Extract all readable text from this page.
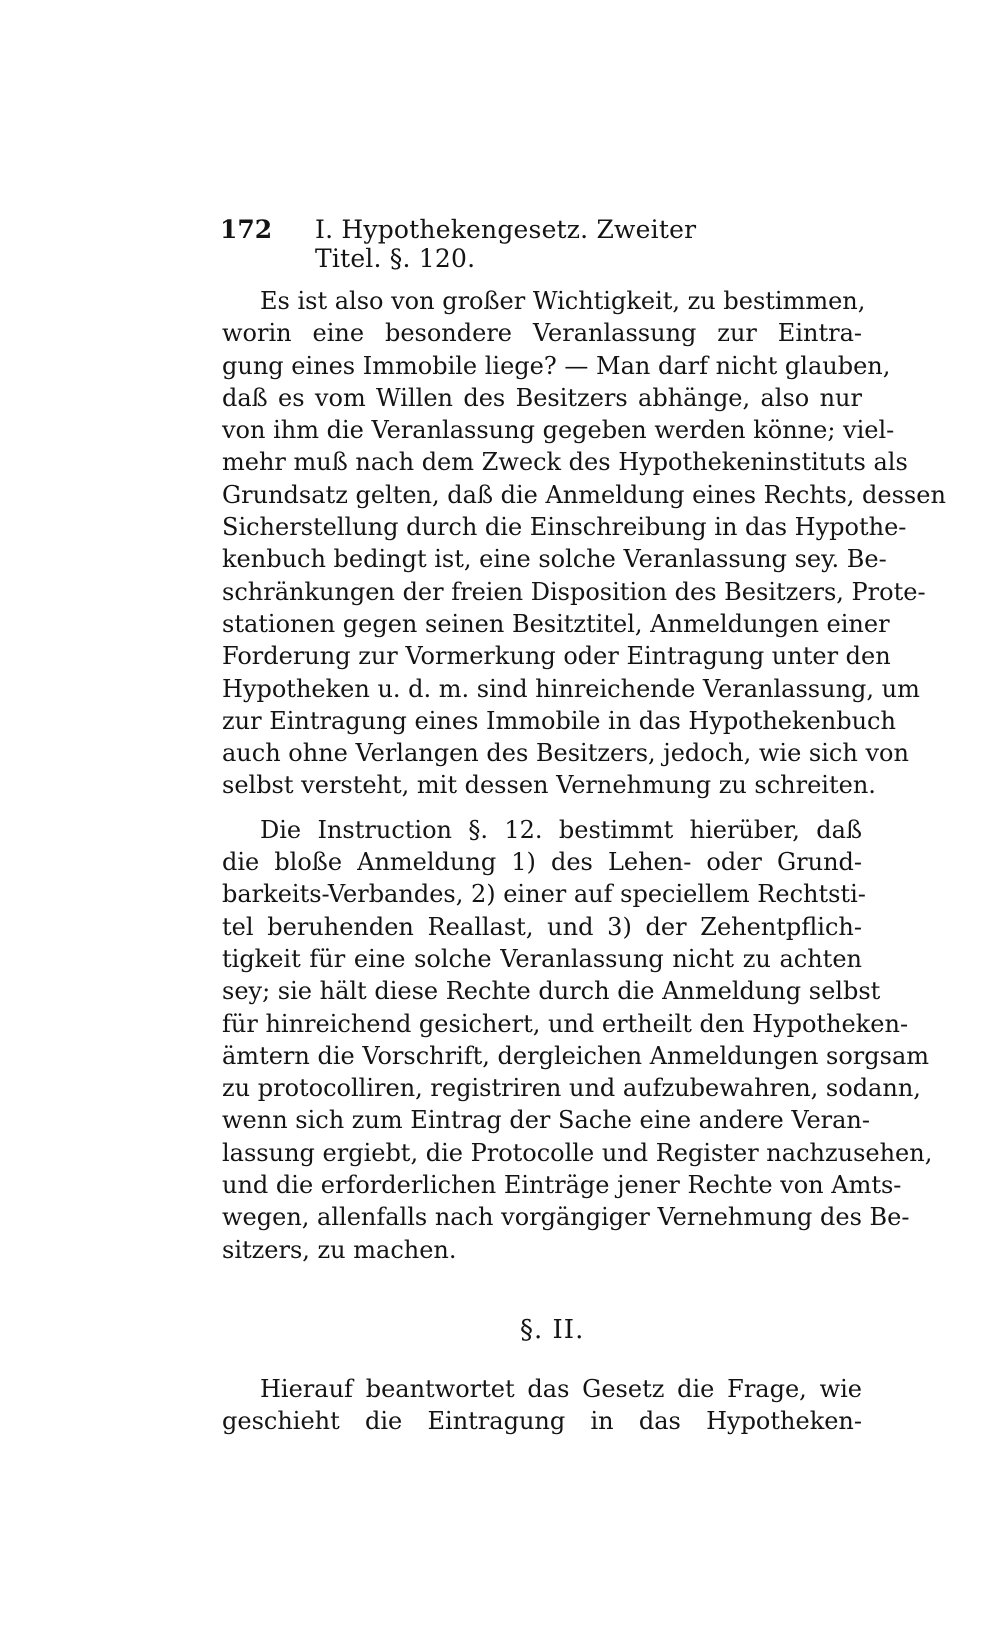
172 I. Hypothekengesetz. Zweiter Titel. §. 120.
Es ist also von großer Wichtigkeit, zu bestimmen,
worin eine besondere Veranlassung zur Eintra-
gung eines Immobile liege? — Man darf nicht glauben,
daß es vom Willen des Besitzers abhänge, also nur
von ihm die Veranlassung gegeben werden könne; viel-
mehr muß nach dem Zweck des Hypothekeninstituts als
Grundsatz gelten, daß die Anmeldung eines Rechts, dessen
Sicherstellung durch die Einschreibung in das Hypothe-
kenbuch bedingt ist, eine solche Veranlassung sey. Be-
schränkungen der freien Disposition des Besitzers, Prote-
stationen gegen seinen Besitztitel, Anmeldungen einer
Forderung zur Vormerkung oder Eintragung unter den
Hypotheken u. d. m. sind hinreichende Veranlassung, um
zur Eintragung eines Immobile in das Hypothekenbuch
auch ohne Verlangen des Besitzers, jedoch, wie sich von
selbst versteht, mit dessen Vernehmung zu schreiten.
Die Instruction §. 12. bestimmt hierüber, daß
die bloße Anmeldung 1) des Lehen- oder Grund-
barkeits-Verbandes, 2) einer auf speciellem Rechtsti-
tel beruhenden Reallast, und 3) der Zehentpflich-
tigkeit für eine solche Veranlassung nicht zu achten
sey; sie hält diese Rechte durch die Anmeldung selbst
für hinreichend gesichert, und ertheilt den Hypotheken-
ämtern die Vorschrift, dergleichen Anmeldungen sorgsam
zu protocolliren, registriren und aufzubewahren, sodann,
wenn sich zum Eintrag der Sache eine andere Veran-
lassung ergiebt, die Protocolle und Register nachzusehen,
und die erforderlichen Einträge jener Rechte von Amts-
wegen, allenfalls nach vorgängiger Vernehmung des Be-
sitzers, zu machen.
§. II.
Hierauf beantwortet das Gesetz die Frage, wie
geschieht die Eintragung in das Hypotheken-
